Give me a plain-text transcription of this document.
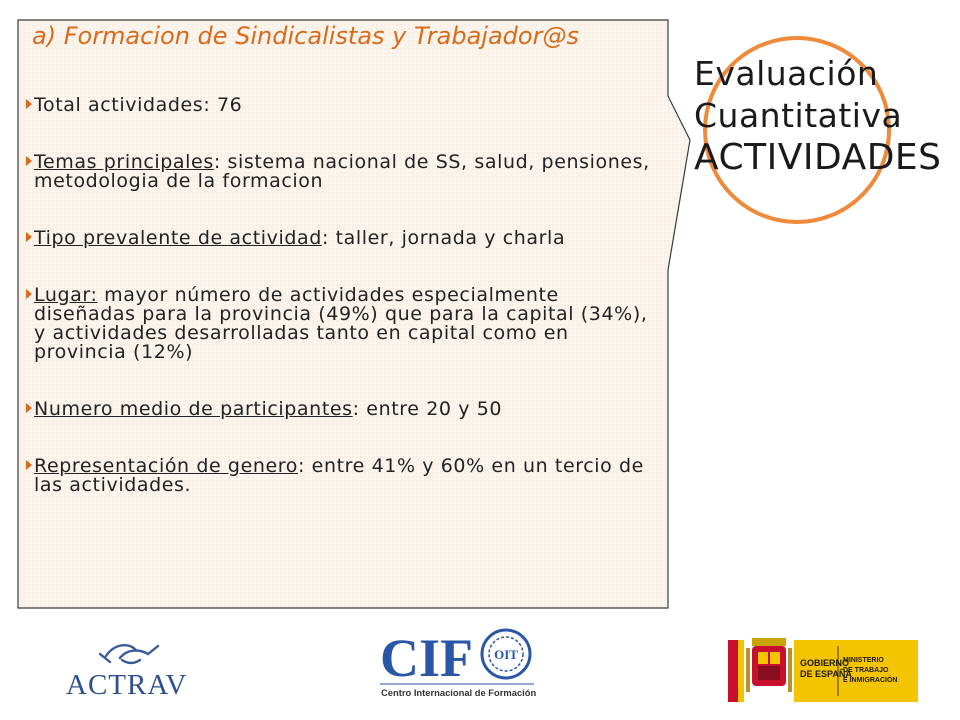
a) Formacion de Sindicalistas y Trabajador@s
Total actividades: 76
Temas principales: sistema nacional de SS, salud, pensiones, metodologia de la formacion
Tipo prevalente de actividad: taller, jornada y charla
Lugar: mayor número de actividades especialmente diseñadas para la provincia (49%) que para la capital (34%), y actividades desarrolladas tanto en capital como en provincia (12%)
Numero medio de participantes: entre 20 y 50
Representación de genero: entre 41% y 60% en un tercio de las actividades.
Evaluación
Cuantitativa
ACTIVIDADES
ACTRAV	CIF OIT
Centro Internacional de Formación
GOBIERNO
DE ESPAÑA
MINISTERIO
DE TRABAJO
E INMIGRACIÓN
